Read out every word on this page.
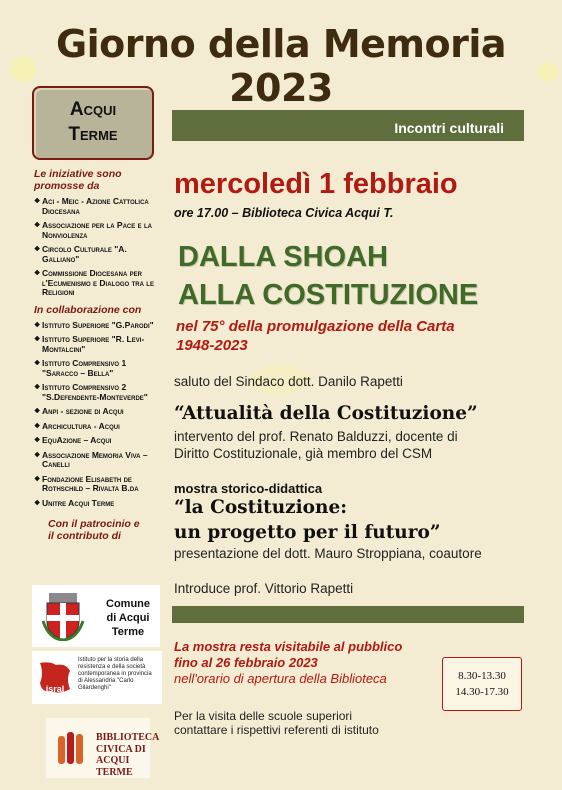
Giorno della Memoria 2023
Acqui
Terme
Le iniziative sono promosse da
❖ Aci - Meic - Azione Cattolica Diocesana
❖ Associazione per la Pace e la Nonviolenza
❖ Circolo Culturale "A. Galliano"
❖ Commissione Diocesana per l'Ecumenismo e Dialogo tra le Religioni
In collaborazione con
❖ Istituto Superiore "G.Parodi"
❖ Istituto Superiore "R. Levi-Montalcini"
❖ Istituto Comprensivo 1 "Saracco – Bella"
❖ Istituto Comprensivo 2 "S.Defendente-Monteverde"
❖ Anpi - sezione di Acqui
❖ Archicultura - Acqui
❖ EquAzione – Acqui
❖ Associazione Memoria Viva – Canelli
❖ Fondazione Elisabeth de Rothschild – Rivalta B.da
❖ Unitre Acqui Terme
Con il patrocinio e il contributo di
Comune di Acqui Terme
isral
Istituto per la storia della resistenza e della società contemporanea in provincia di Alessandria "Carlo Gilardenghi"
BIBLIOTECA
CIVICA DI
ACQUI TERME
Incontri culturali
mercoledì 1 febbraio
ore 17.00 – Biblioteca Civica Acqui T.
DALLA SHOAH
ALLA COSTITUZIONE
nel 75° della promulgazione della Carta
1948-2023
saluto del Sindaco dott. Danilo Rapetti
“Attualità della Costituzione”
intervento del prof. Renato Balduzzi, docente di
Diritto Costituzionale, già membro del CSM
mostra storico-didattica
“la Costituzione:
un progetto per il futuro”
presentazione del dott. Mauro Stroppiana, coautore
Introduce prof. Vittorio Rapetti
La mostra resta visitabile al pubblico
fino al 26 febbraio 2023
nell'orario di apertura della Biblioteca	8.30-13.30
14.30-17.30
Per la visita delle scuole superiori
contattare i rispettivi referenti di istituto
